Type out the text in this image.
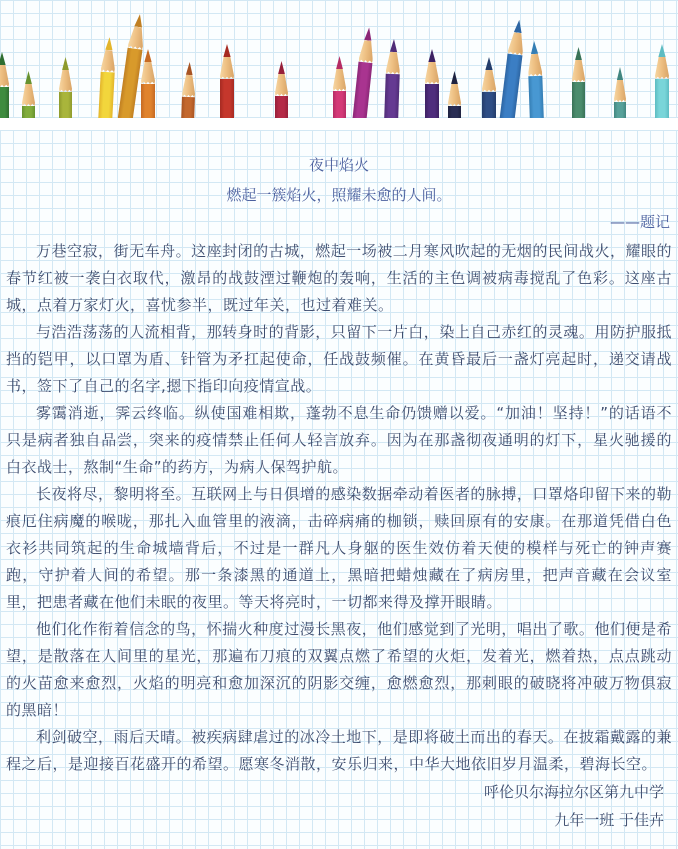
夜中焰火
燃起一簇焰火，照耀未愈的人间。
——题记

万巷空寂，街无车舟。这座封闭的古城，燃起一场被二月寒风吹起的无烟的民间战火，耀眼的春节红被一袭白衣取代，激昂的战鼓湮过鞭炮的轰响，生活的主色调被病毒搅乱了色彩。这座古城，点着万家灯火，喜忧参半，既过年关，也过着难关。

与浩浩荡荡的人流相背，那转身时的背影，只留下一片白，染上自己赤红的灵魂。用防护服抵挡的铠甲，以口罩为盾、针管为矛扛起使命，任战鼓频催。在黄昏最后一盏灯亮起时，递交请战书，签下了自己的名字,摁下指印向疫情宣战。

雾霭消逝，霁云终临。纵使国难相欺，蓬勃不息生命仍馈赠以爱。“加油！坚持！”的话语不只是病者独自品尝，突来的疫情禁止任何人轻言放弃。因为在那盏彻夜通明的灯下，星火驰援的白衣战士，熬制“生命”的药方，为病人保驾护航。

长夜将尽，黎明将至。互联网上与日俱增的感染数据牵动着医者的脉搏，口罩烙印留下来的勒痕厄住病魔的喉咙，那扎入血管里的液滴，击碎病痛的枷锁，赎回原有的安康。在那道凭借白色衣衫共同筑起的生命城墙背后，不过是一群凡人身躯的医生效仿着天使的模样与死亡的钟声赛跑，守护着人间的希望。那一条漆黑的通道上，黑暗把蜡烛藏在了病房里，把声音藏在会议室里，把患者藏在他们未眠的夜里。等天将亮时，一切都来得及撑开眼睛。

他们化作衔着信念的鸟，怀揣火种度过漫长黑夜，他们感觉到了光明，唱出了歌。他们便是希望，是散落在人间里的星光，那遍布刀痕的双翼点燃了希望的火炬，发着光，燃着热，点点跳动的火苗愈来愈烈，火焰的明亮和愈加深沉的阴影交缠，愈燃愈烈，那刺眼的破晓将冲破万物俱寂的黑暗！

利剑破空，雨后天晴。被疾病肆虐过的冰冷土地下，是即将破土而出的春天。在披霜戴露的兼程之后，是迎接百花盛开的希望。愿寒冬消散，安乐归来，中华大地依旧岁月温柔，碧海长空。

呼伦贝尔海拉尔区第九中学
九年一班 于佳卉
